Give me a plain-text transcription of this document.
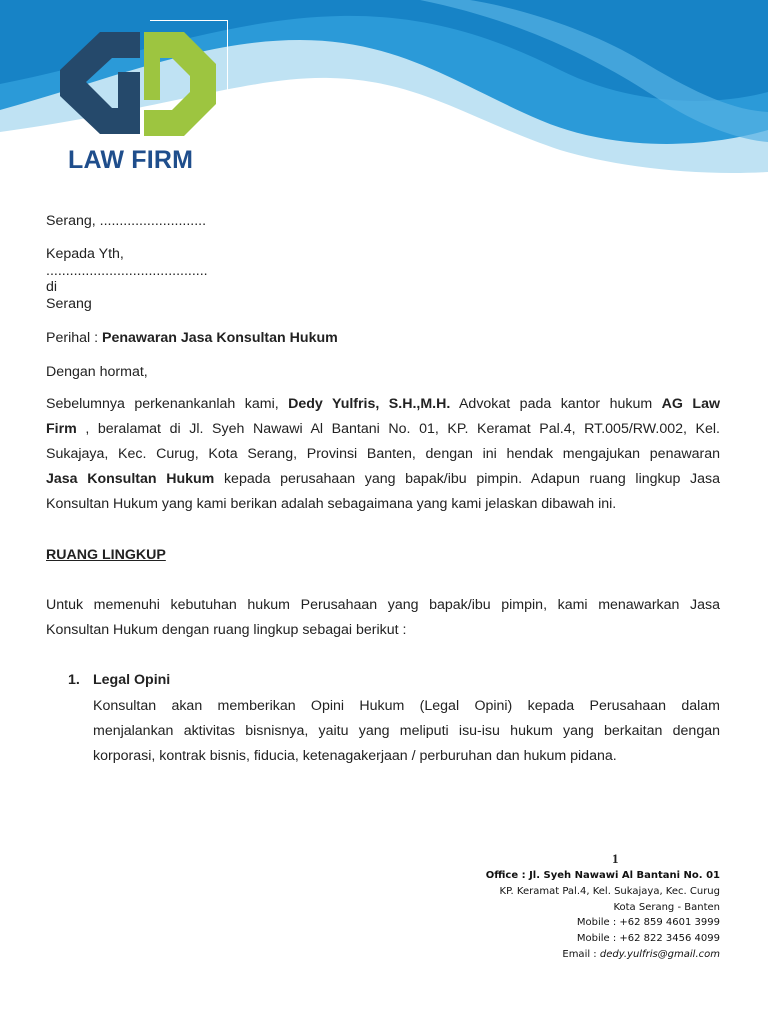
LAW FIRM
Serang, ...........................
Kepada Yth,
.........................................
di
Serang
Perihal : Penawaran Jasa Konsultan Hukum
Dengan hormat,
Sebelumnya perkenankanlah kami, Dedy Yulfris, S.H.,M.H. Advokat pada kantor hukum AG Law
Firm , beralamat di Jl. Syeh Nawawi Al Bantani No. 01, KP. Keramat Pal.4, RT.005/RW.002, Kel.
Sukajaya, Kec. Curug, Kota Serang, Provinsi Banten, dengan ini hendak mengajukan penawaran
Jasa Konsultan Hukum kepada perusahaan yang bapak/ibu pimpin. Adapun ruang lingkup Jasa
Konsultan Hukum yang kami berikan adalah sebagaimana yang kami jelaskan dibawah ini.
RUANG LINGKUP
Untuk memenuhi kebutuhan hukum Perusahaan yang bapak/ibu pimpin, kami menawarkan Jasa
Konsultan Hukum dengan ruang lingkup sebagai berikut :
1. Legal Opini
Konsultan akan memberikan Opini Hukum (Legal Opini) kepada Perusahaan dalam
menjalankan aktivitas bisnisnya, yaitu yang meliputi isu-isu hukum yang berkaitan dengan
korporasi, kontrak bisnis, fiducia, ketenagakerjaan / perburuhan dan hukum pidana.
1
Office : Jl. Syeh Nawawi Al Bantani No. 01
KP. Keramat Pal.4, Kel. Sukajaya, Kec. Curug
Kota Serang - Banten
Mobile : +62 859 4601 3999
Mobile : +62 822 3456 4099
Email : dedy.yulfris@gmail.com
